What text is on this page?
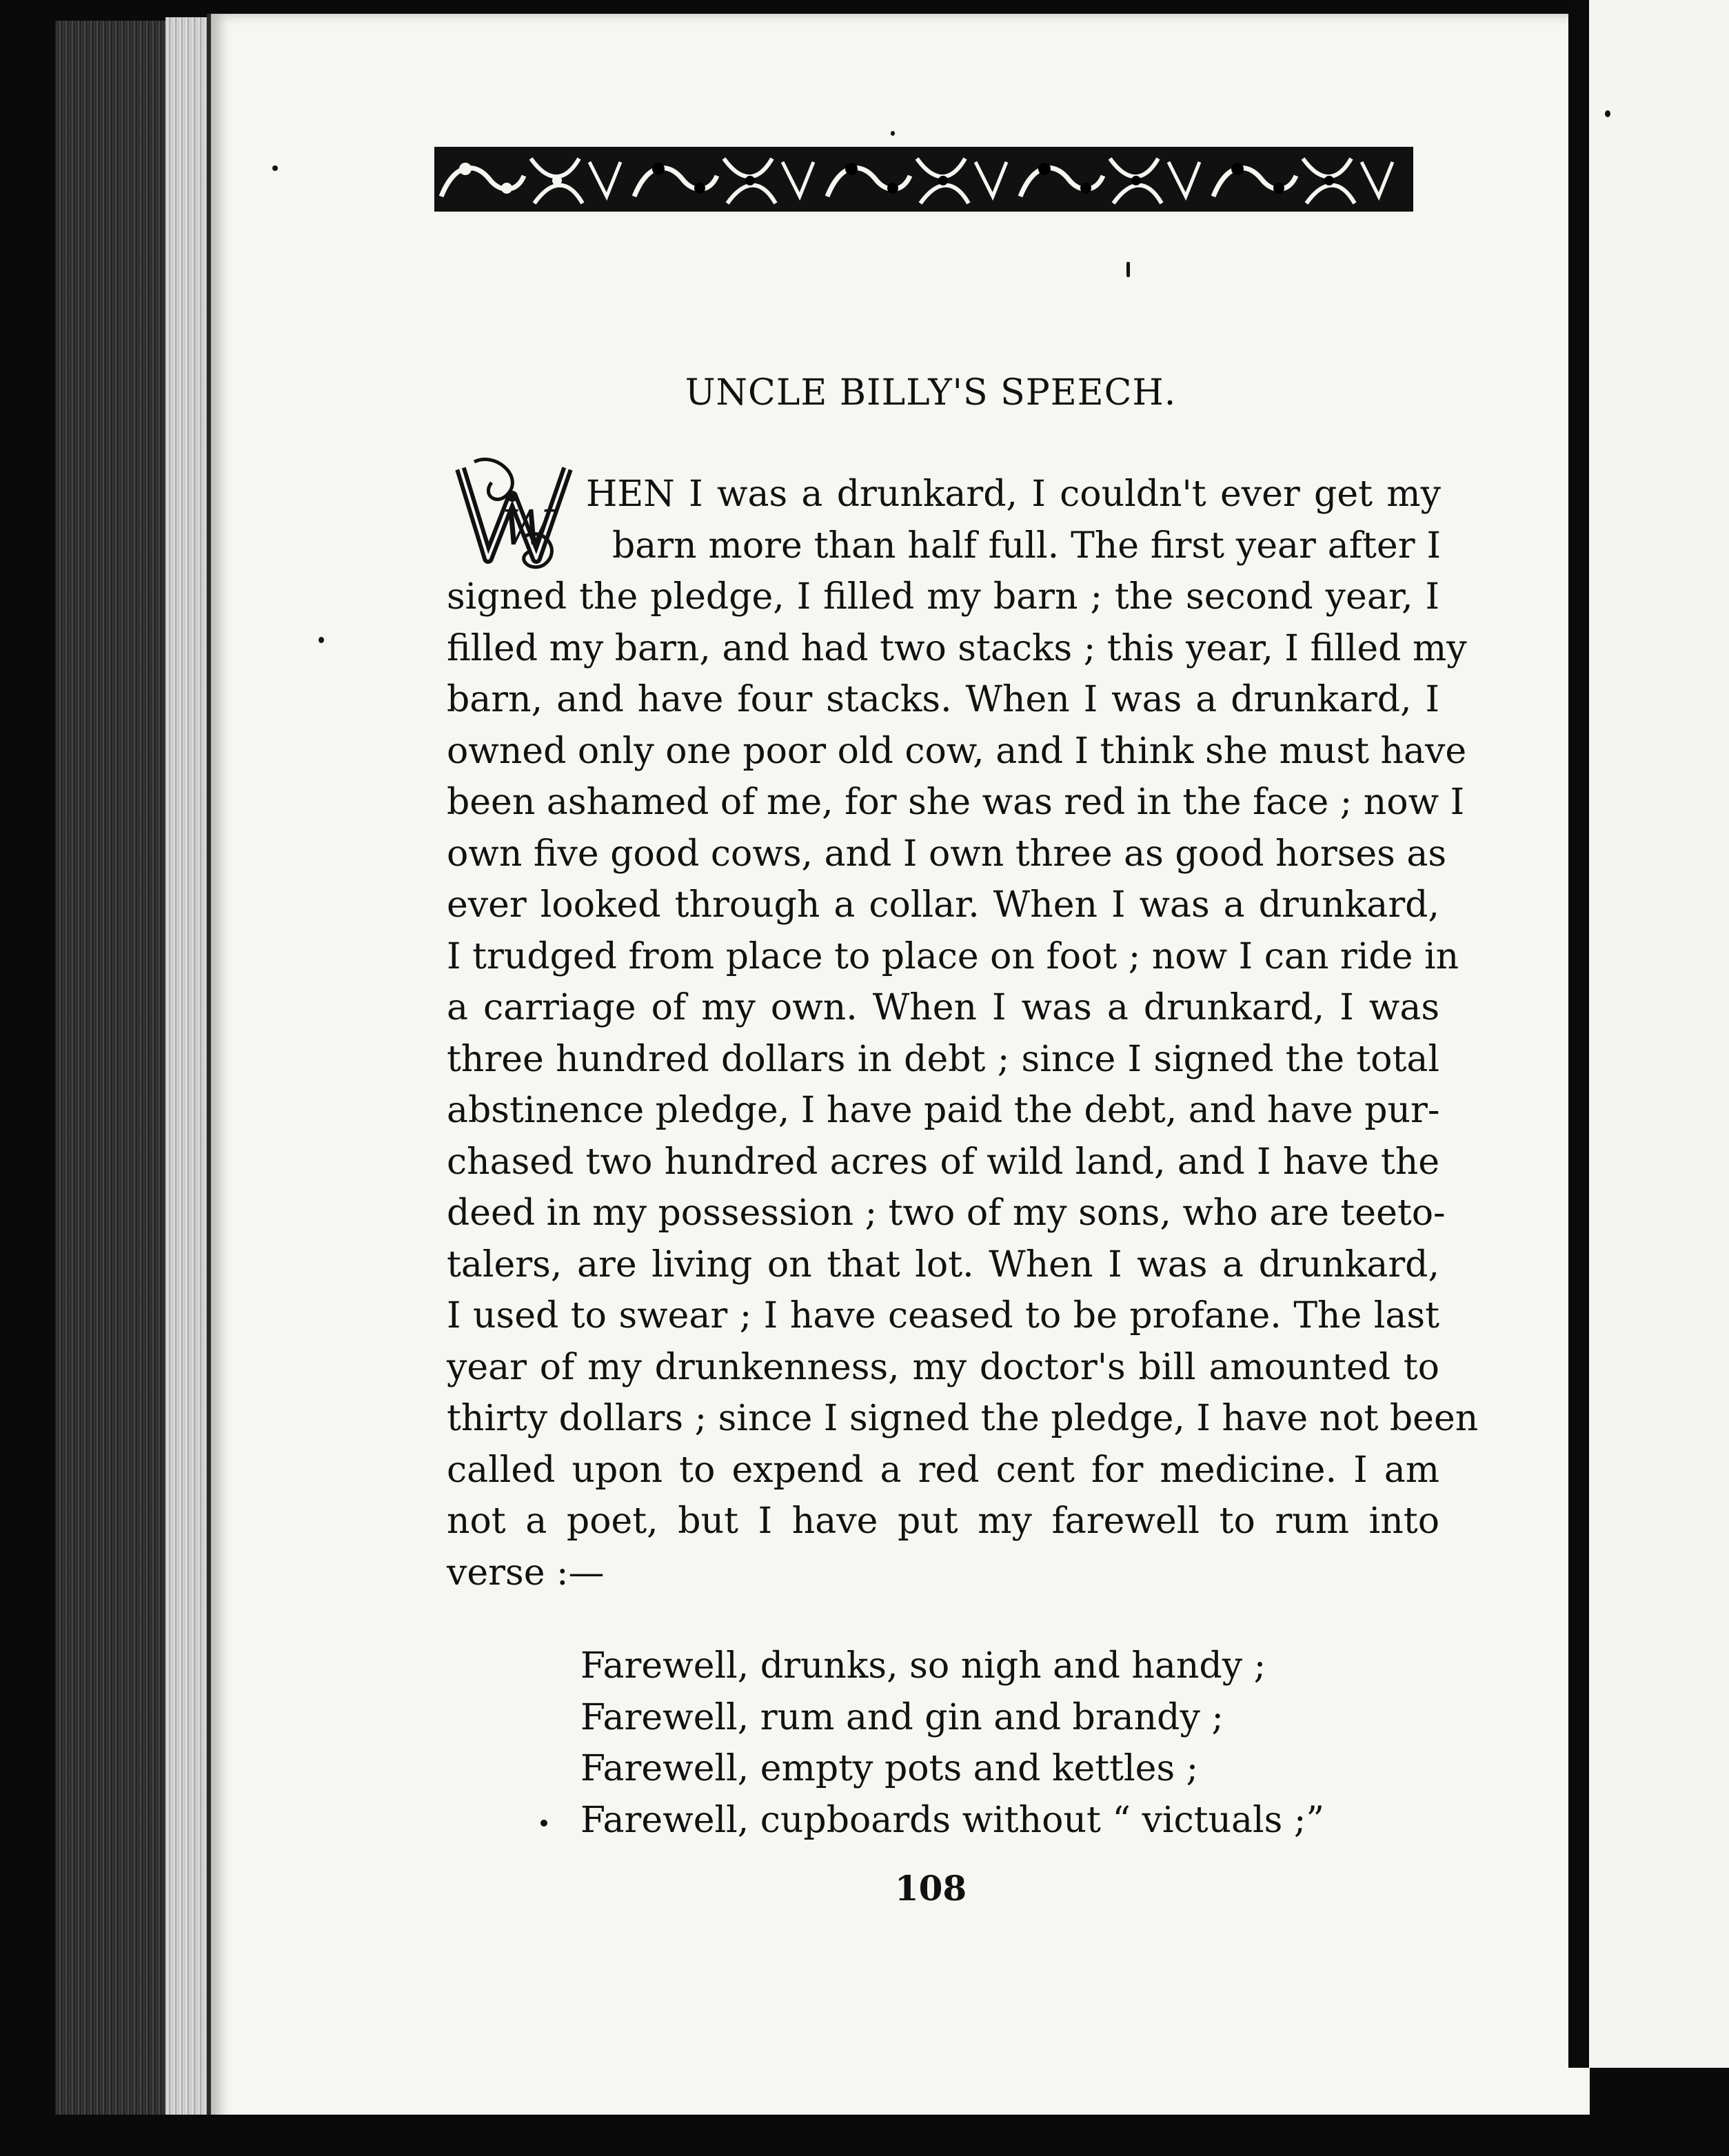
UNCLE BILLY'S SPEECH.
W
HEN I was a drunkard, I couldn't ever get my
barn more than half full. The first year after I
signed the pledge, I filled my barn ; the second year, I
filled my barn, and had two stacks ; this year, I filled my
barn, and have four stacks. When I was a drunkard, I
owned only one poor old cow, and I think she must have
been ashamed of me, for she was red in the face ; now I
own five good cows, and I own three as good horses as
ever looked through a collar. When I was a drunkard,
I trudged from place to place on foot ; now I can ride in
a carriage of my own. When I was a drunkard, I was
three hundred dollars in debt ; since I signed the total
abstinence pledge, I have paid the debt, and have pur-
chased two hundred acres of wild land, and I have the
deed in my possession ; two of my sons, who are teeto-
talers, are living on that lot. When I was a drunkard,
I used to swear ; I have ceased to be profane. The last
year of my drunkenness, my doctor's bill amounted to
thirty dollars ; since I signed the pledge, I have not been
called upon to expend a red cent for medicine. I am
not a poet, but I have put my farewell to rum into
verse :—
Farewell, drunks, so nigh and handy ;
Farewell, rum and gin and brandy ;
Farewell, empty pots and kettles ;
Farewell, cupboards without “ victuals ;”
108
